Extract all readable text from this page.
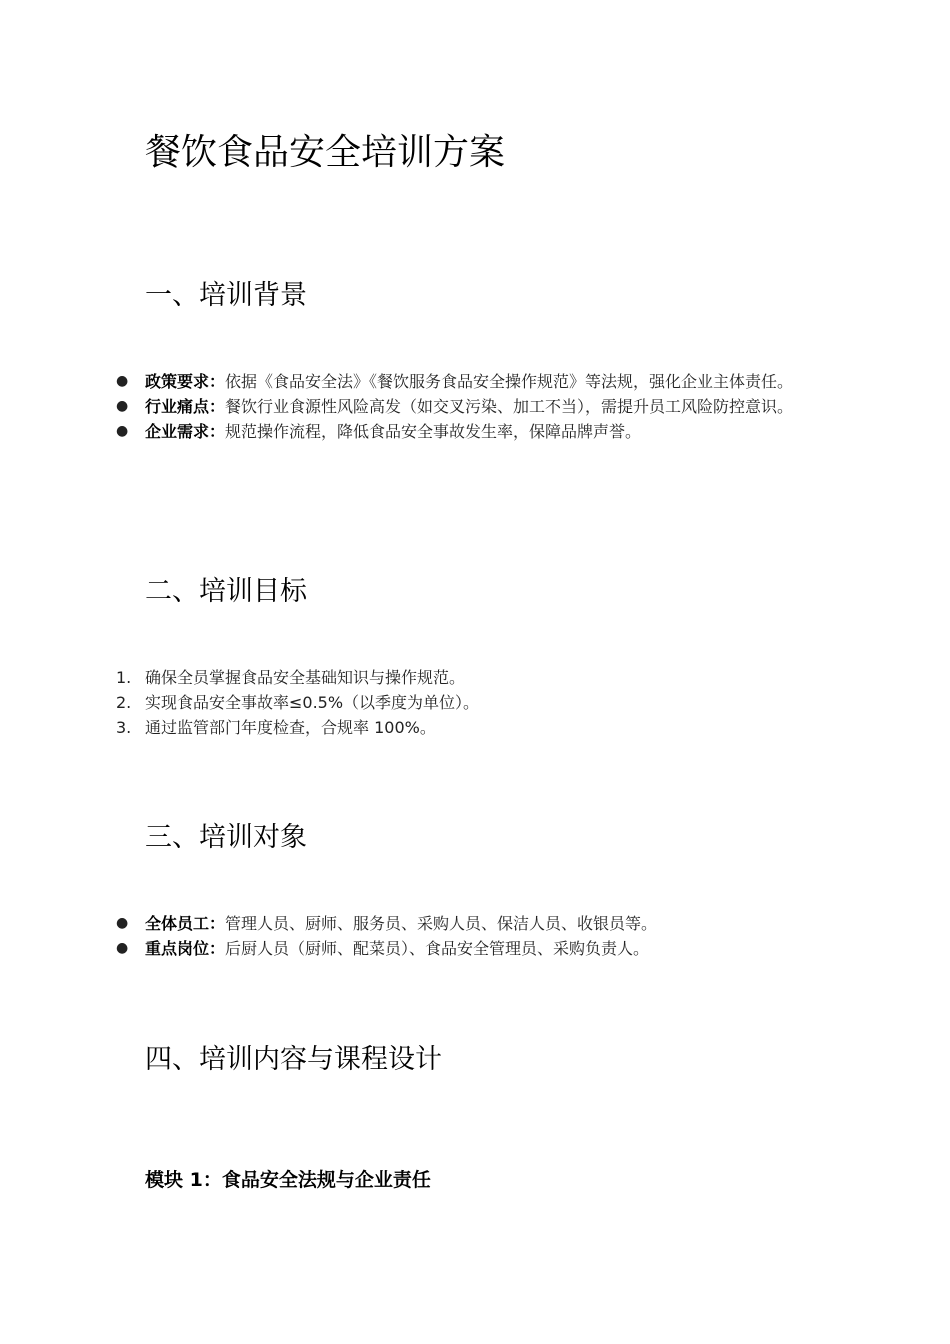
餐饮食品安全培训方案
一、培训背景
●	政策要求：依据《食品安全法》《餐饮服务食品安全操作规范》等法规，强化企业主体责任。
●	行业痛点：餐饮行业食源性风险高发（如交叉污染、加工不当），需提升员工风险防控意识。
●	企业需求：规范操作流程，降低食品安全事故发生率，保障品牌声誉。
二、培训目标
1. 确保全员掌握食品安全基础知识与操作规范。
2. 实现食品安全事故率≤0.5%（以季度为单位）。
3. 通过监管部门年度检查，合规率 100%。
三、培训对象
●	全体员工：管理人员、厨师、服务员、采购人员、保洁人员、收银员等。
●	重点岗位：后厨人员（厨师、配菜员）、食品安全管理员、采购负责人。
四、培训内容与课程设计
模块 1：食品安全法规与企业责任
